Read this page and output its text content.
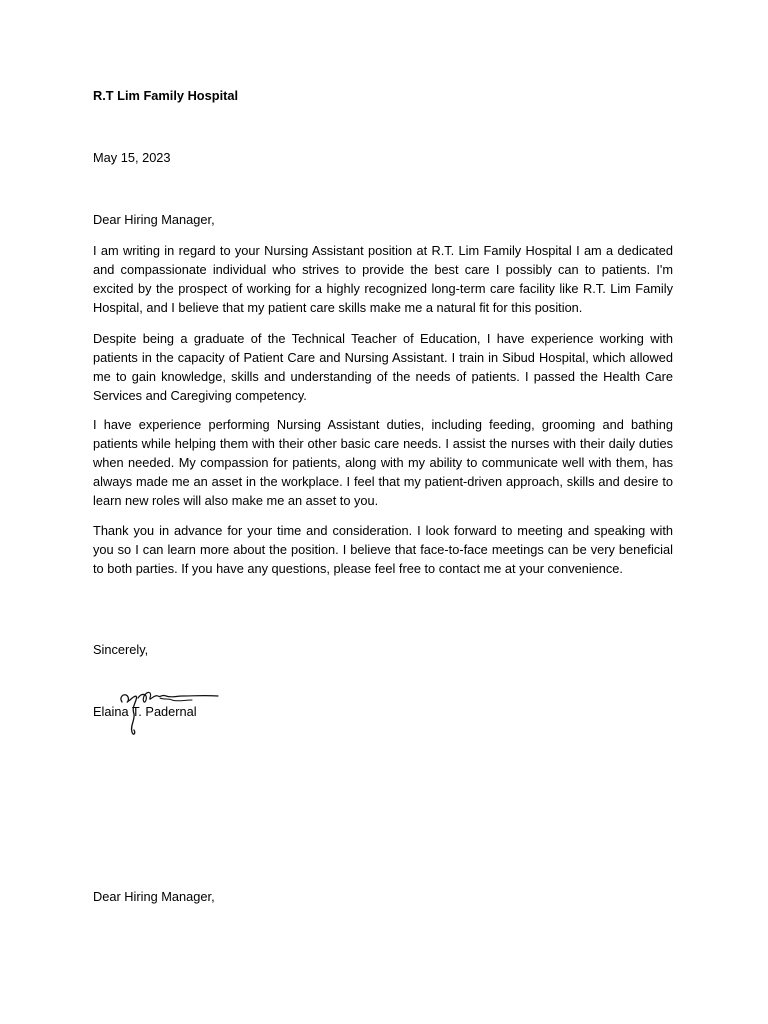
R.T Lim Family Hospital
May 15, 2023
Dear Hiring Manager,

I am writing in regard to your Nursing Assistant position at R.T. Lim Family Hospital I am a dedicated and compassionate individual who strives to provide the best care I possibly can to patients. I'm excited by the prospect of working for a highly recognized long-term care facility like R.T. Lim Family Hospital, and I believe that my patient care skills make me a natural fit for this position.

Despite being a graduate of the Technical Teacher of Education, I have experience working with patients in the capacity of Patient Care and Nursing Assistant. I train in Sibud Hospital, which allowed me to gain knowledge, skills and understanding of the needs of patients. I passed the Health Care Services and Caregiving competency.

I have experience performing Nursing Assistant duties, including feeding, grooming and bathing patients while helping them with their other basic care needs. I assist the nurses with their daily duties when needed. My compassion for patients, along with my ability to communicate well with them, has always made me an asset in the workplace. I feel that my patient-driven approach, skills and desire to learn new roles will also make me an asset to you.

Thank you in advance for your time and consideration. I look forward to meeting and speaking with you so I can learn more about the position. I believe that face-to-face meetings can be very beneficial to both parties. If you have any questions, please feel free to contact me at your convenience.

Sincerely,
Elaina T. Padernal
Dear Hiring Manager,
